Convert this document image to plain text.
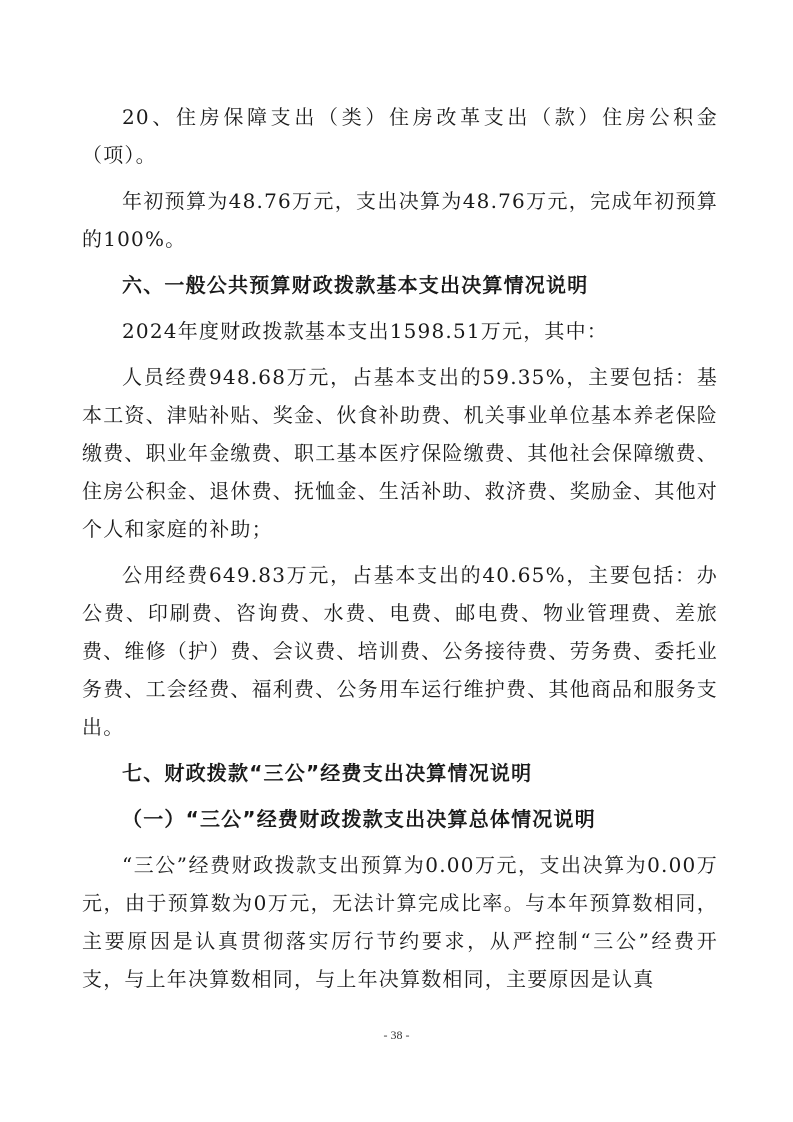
20、住房保障支出（类）住房改革支出（款）住房公积金（项）。

年初预算为48.76万元，支出决算为48.76万元，完成年初预算的100%。

六、一般公共预算财政拨款基本支出决算情况说明

2024年度财政拨款基本支出1598.51万元，其中：

人员经费948.68万元，占基本支出的59.35%，主要包括：基本工资、津贴补贴、奖金、伙食补助费、机关事业单位基本养老保险缴费、职业年金缴费、职工基本医疗保险缴费、其他社会保障缴费、住房公积金、退休费、抚恤金、生活补助、救济费、奖励金、其他对个人和家庭的补助；

公用经费649.83万元，占基本支出的40.65%，主要包括：办公费、印刷费、咨询费、水费、电费、邮电费、物业管理费、差旅费、维修（护）费、会议费、培训费、公务接待费、劳务费、委托业务费、工会经费、福利费、公务用车运行维护费、其他商品和服务支出。

七、财政拨款“三公”经费支出决算情况说明

（一）“三公”经费财政拨款支出决算总体情况说明

“三公”经费财政拨款支出预算为0.00万元，支出决算为0.00万元，由于预算数为0万元，无法计算完成比率。与本年预算数相同，主要原因是认真贯彻落实厉行节约要求，从严控制“三公”经费开支，与上年决算数相同，与上年决算数相同，主要原因是认真

- 38 -
